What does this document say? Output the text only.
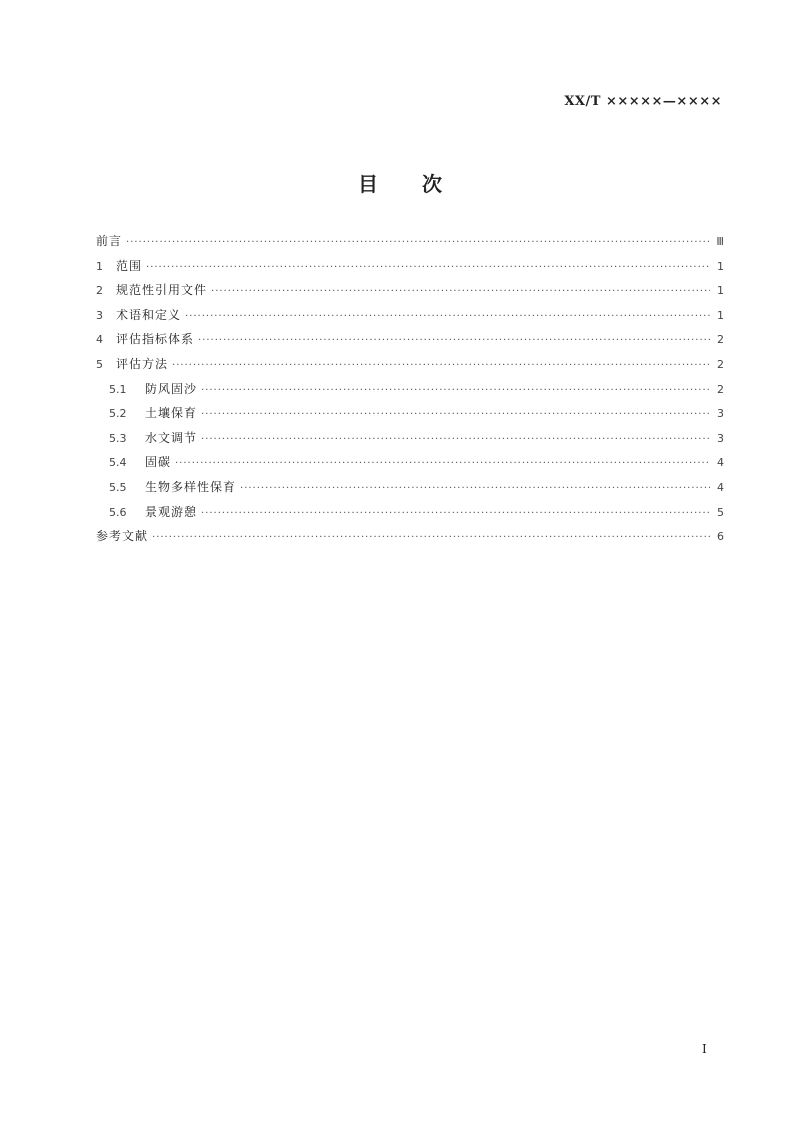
XX/T ×××××—××××
目次
前言 ·····	Ⅲ
1	范围 ·····	1
2	规范性引用文件 ·····	1
3	术语和定义 ·····	1
4	评估指标体系 ·····	2
5	评估方法 ·····	2
5.1	防风固沙 ·····	2
5.2	土壤保育 ·····	3
5.3	水文调节 ·····	3
5.4	固碳 ·····	4
5.5	生物多样性保育 ·····	4
5.6	景观游憩 ·····	5
参考文献 ·····	6
I
